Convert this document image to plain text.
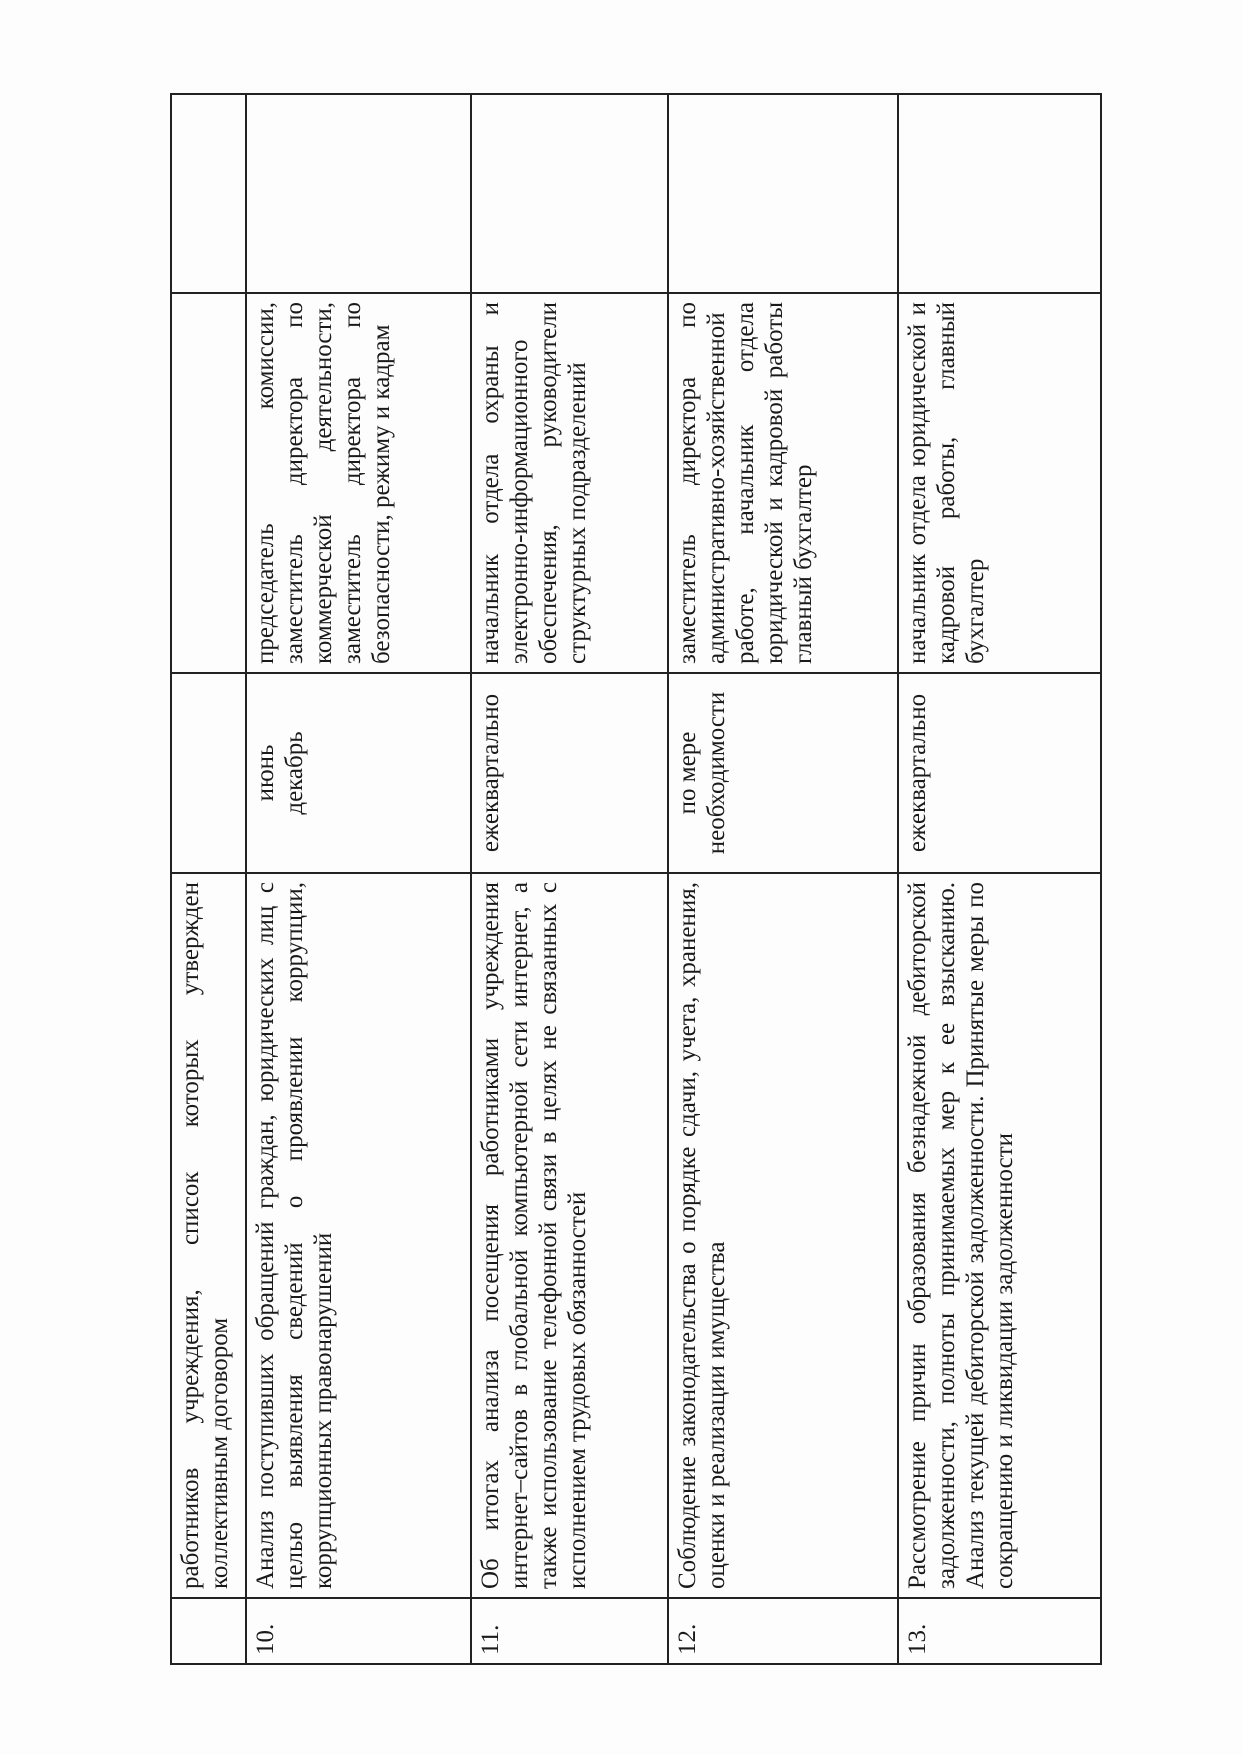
	работников учреждения, список которых утвержден коллективным договором			
10.	Анализ поступивших обращений граждан, юридических лиц с целью выявления сведений о проявлении коррупции, коррупционных правонарушений	июнь декабрь	председатель комиссии, заместитель директора по коммерческой деятельности, заместитель директора по безопасности, режиму и кадрам	
11.	Об итогах анализа посещения работниками учреждения интернет–сайтов в глобальной компьютерной сети интернет, а также использование телефонной связи в целях не связанных с исполнением трудовых обязанностей	ежеквартально	начальник отдела охраны и электронно-информационного обеспечения, руководители структурных подразделений	
12.	Соблюдение законодательства о порядке сдачи, учета, хранения, оценки и реализации имущества	по мере необходимости	заместитель директора по административно-хозяйственной работе, начальник отдела юридической и кадровой работы главный бухгалтер	
13.	Рассмотрение причин образования безнадежной дебиторской задолженности, полноты принимаемых мер к ее взысканию. Анализ текущей дебиторской задолженности. Принятые меры по сокращению и ликвидации задолженности	ежеквартально	начальник отдела юридической и кадровой работы, главный бухгалтер	
